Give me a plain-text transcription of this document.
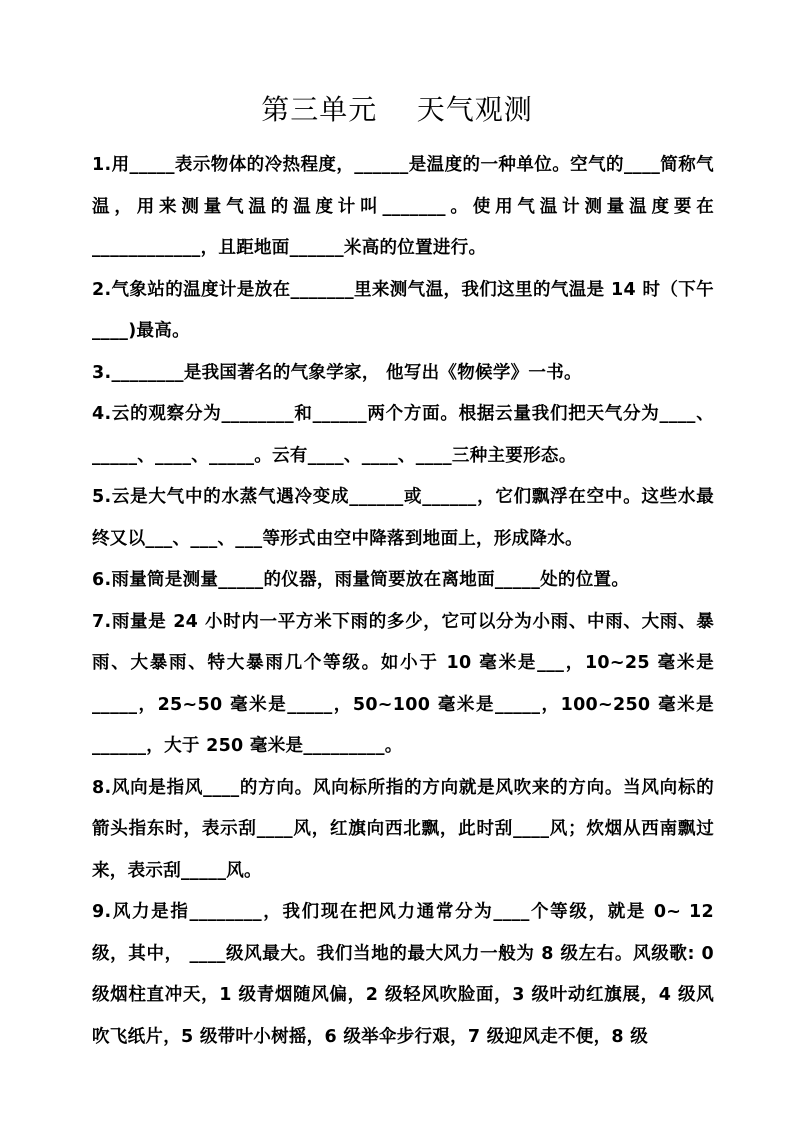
第三单元    天气观测

1.用_____表示物体的冷热程度，______是温度的一种单位。空气的____简称气温，用来测量气温的温度计叫_______。使用气温计测量温度要在____________，且距地面______米高的位置进行。

2.气象站的温度计是放在_______里来测气温，我们这里的气温是 14 时（下午____)最高。

3.________是我国著名的气象学家， 他写出《物候学》一书。

4.云的观察分为________和______两个方面。根据云量我们把天气分为____、_____、____、_____。云有____、____、____三种主要形态。

5.云是大气中的水蒸气遇冷变成______或______，它们飘浮在空中。这些水最终又以___、___、___等形式由空中降落到地面上，形成降水。

6.雨量筒是测量_____的仪器，雨量筒要放在离地面_____处的位置。

7.雨量是 24 小时内一平方米下雨的多少，它可以分为小雨、中雨、大雨、暴雨、大暴雨、特大暴雨几个等级。如小于 10 毫米是___，10~25 毫米是_____，25~50 毫米是_____，50~100 毫米是_____，100~250 毫米是______，大于 250 毫米是_________。

8.风向是指风____的方向。风向标所指的方向就是风吹来的方向。当风向标的箭头指东时，表示刮____风，红旗向西北飘，此时刮____风；炊烟从西南飘过来，表示刮_____风。

9.风力是指________，我们现在把风力通常分为____个等级，就是 0~ 12 级，其中， ____级风最大。我们当地的最大风力一般为 8 级左右。风级歌: 0 级烟柱直冲天，1 级青烟随风偏，2 级轻风吹脸面，3 级叶动红旗展，4 级风吹飞纸片，5 级带叶小树摇，6 级举伞步行艰，7 级迎风走不便，8 级
